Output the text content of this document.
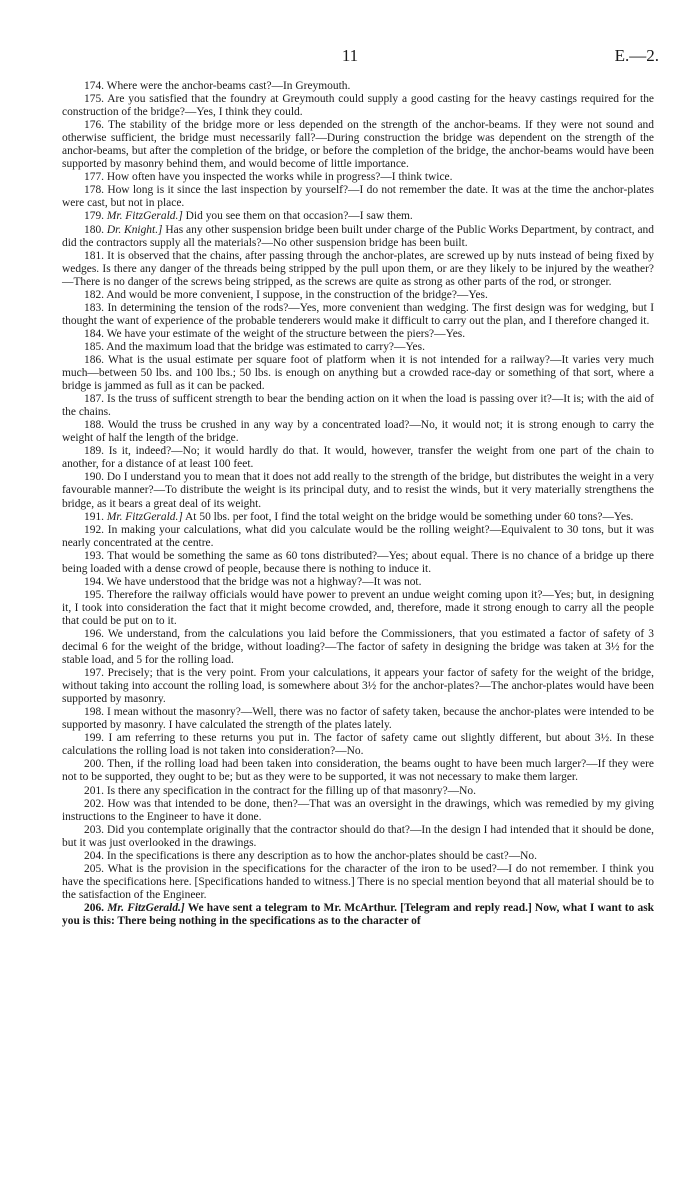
11	E.—2.

174. Where were the anchor-beams cast?—In Greymouth.

175. Are you satisfied that the foundry at Greymouth could supply a good casting for the heavy castings required for the construction of the bridge?—Yes, I think they could.

176. The stability of the bridge more or less depended on the strength of the anchor-beams. If they were not sound and otherwise sufficient, the bridge must necessarily fall?—During construction the bridge was dependent on the strength of the anchor-beams, but after the completion of the bridge, or before the completion of the bridge, the anchor-beams would have been supported by masonry behind them, and would become of little importance.

177. How often have you inspected the works while in progress?—I think twice.

178. How long is it since the last inspection by yourself?—I do not remember the date. It was at the time the anchor-plates were cast, but not in place.

179. Mr. FitzGerald.] Did you see them on that occasion?—I saw them.

180. Dr. Knight.] Has any other suspension bridge been built under charge of the Public Works Department, by contract, and did the contractors supply all the materials?—No other suspension bridge has been built.

181. It is observed that the chains, after passing through the anchor-plates, are screwed up by nuts instead of being fixed by wedges. Is there any danger of the threads being stripped by the pull upon them, or are they likely to be injured by the weather?—There is no danger of the screws being stripped, as the screws are quite as strong as other parts of the rod, or stronger.

182. And would be more convenient, I suppose, in the construction of the bridge?—Yes.

183. In determining the tension of the rods?—Yes, more convenient than wedging. The first design was for wedging, but I thought the want of experience of the probable tenderers would make it difficult to carry out the plan, and I therefore changed it.

184. We have your estimate of the weight of the structure between the piers?—Yes.

185. And the maximum load that the bridge was estimated to carry?—Yes.

186. What is the usual estimate per square foot of platform when it is not intended for a railway?—It varies very much much—between 50 lbs. and 100 lbs.; 50 lbs. is enough on anything but a crowded race-day or something of that sort, where a bridge is jammed as full as it can be packed.

187. Is the truss of sufficent strength to bear the bending action on it when the load is passing over it?—It is; with the aid of the chains.

188. Would the truss be crushed in any way by a concentrated load?—No, it would not; it is strong enough to carry the weight of half the length of the bridge.

189. Is it, indeed?—No; it would hardly do that. It would, however, transfer the weight from one part of the chain to another, for a distance of at least 100 feet.

190. Do I understand you to mean that it does not add really to the strength of the bridge, but distributes the weight in a very favourable manner?—To distribute the weight is its principal duty, and to resist the winds, but it very materially strengthens the bridge, as it bears a great deal of its weight.

191. Mr. FitzGerald.] At 50 lbs. per foot, I find the total weight on the bridge would be something under 60 tons?—Yes.

192. In making your calculations, what did you calculate would be the rolling weight?—Equivalent to 30 tons, but it was nearly concentrated at the centre.

193. That would be something the same as 60 tons distributed?—Yes; about equal. There is no chance of a bridge up there being loaded with a dense crowd of people, because there is nothing to induce it.

194. We have understood that the bridge was not a highway?—It was not.

195. Therefore the railway officials would have power to prevent an undue weight coming upon it?—Yes; but, in designing it, I took into consideration the fact that it might become crowded, and, therefore, made it strong enough to carry all the people that could be put on to it.

196. We understand, from the calculations you laid before the Commissioners, that you estimated a factor of safety of 3 decimal 6 for the weight of the bridge, without loading?—The factor of safety in designing the bridge was taken at 3½ for the stable load, and 5 for the rolling load.

197. Precisely; that is the very point. From your calculations, it appears your factor of safety for the weight of the bridge, without taking into account the rolling load, is somewhere about 3½ for the anchor-plates?—The anchor-plates would have been supported by masonry.

198. I mean without the masonry?—Well, there was no factor of safety taken, because the anchor-plates were intended to be supported by masonry. I have calculated the strength of the plates lately.

199. I am referring to these returns you put in. The factor of safety came out slightly different, but about 3½. In these calculations the rolling load is not taken into consideration?—No.

200. Then, if the rolling load had been taken into consideration, the beams ought to have been much larger?—If they were not to be supported, they ought to be; but as they were to be supported, it was not necessary to make them larger.

201. Is there any specification in the contract for the filling up of that masonry?—No.

202. How was that intended to be done, then?—That was an oversight in the drawings, which was remedied by my giving instructions to the Engineer to have it done.

203. Did you contemplate originally that the contractor should do that?—In the design I had intended that it should be done, but it was just overlooked in the drawings.

204. In the specifications is there any description as to how the anchor-plates should be cast?—No.

205. What is the provision in the specifications for the character of the iron to be used?—I do not remember. I think you have the specifications here. [Specifications handed to witness.] There is no special mention beyond that all material should be to the satisfaction of the Engineer.

206. Mr. FitzGerald.] We have sent a telegram to Mr. McArthur. [Telegram and reply read.] Now, what I want to ask you is this: There being nothing in the specifications as to the character of
